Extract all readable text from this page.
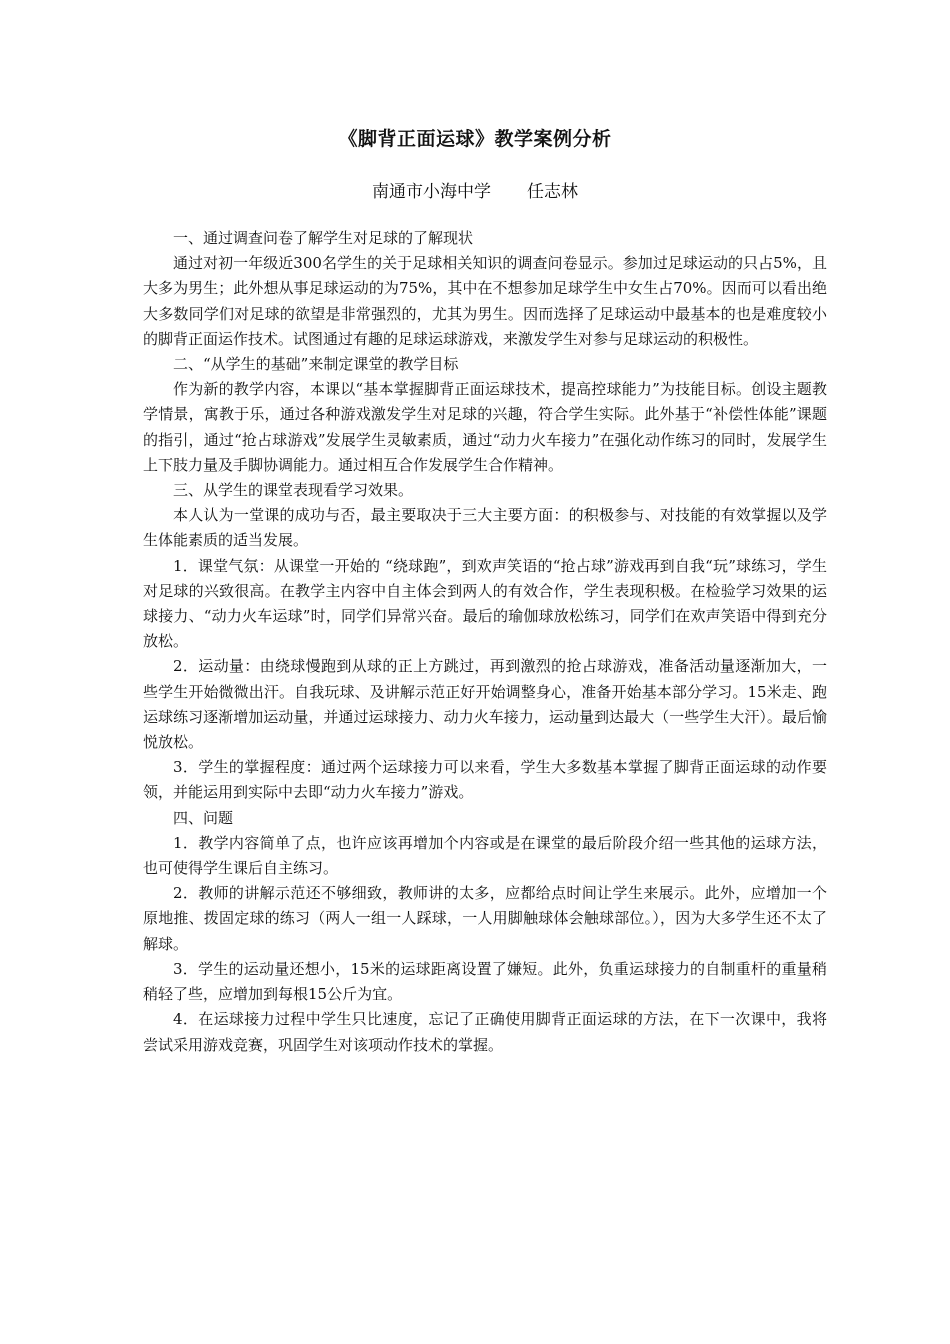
《脚背正面运球》教学案例分析
南通市小海中学 任志林

一、通过调查问卷了解学生对足球的了解现状

通过对初一年级近300名学生的关于足球相关知识的调查问卷显示。参加过足球运动的只占5%，且大多为男生；此外想从事足球运动的为75%，其中在不想参加足球学生中女生占70%。因而可以看出绝大多数同学们对足球的欲望是非常强烈的，尤其为男生。因而选择了足球运动中最基本的也是难度较小的脚背正面运作技术。试图通过有趣的足球运球游戏，来激发学生对参与足球运动的积极性。

二、“从学生的基础”来制定课堂的教学目标

作为新的教学内容，本课以“基本掌握脚背正面运球技术，提高控球能力”为技能目标。创设主题教学情景，寓教于乐，通过各种游戏激发学生对足球的兴趣，符合学生实际。此外基于“补偿性体能”课题的指引，通过“抢占球游戏”发展学生灵敏素质，通过“动力火车接力”在强化动作练习的同时，发展学生上下肢力量及手脚协调能力。通过相互合作发展学生合作精神。

三、从学生的课堂表现看学习效果。

本人认为一堂课的成功与否，最主要取决于三大主要方面：的积极参与、对技能的有效掌握以及学生体能素质的适当发展。

1．课堂气氛：从课堂一开始的 “绕球跑”，到欢声笑语的“抢占球”游戏再到自我“玩”球练习，学生对足球的兴致很高。在教学主内容中自主体会到两人的有效合作，学生表现积极。在检验学习效果的运球接力、“动力火车运球”时，同学们异常兴奋。最后的瑜伽球放松练习，同学们在欢声笑语中得到充分放松。

2．运动量：由绕球慢跑到从球的正上方跳过，再到激烈的抢占球游戏，准备活动量逐渐加大，一些学生开始微微出汗。自我玩球、及讲解示范正好开始调整身心，准备开始基本部分学习。15米走、跑运球练习逐渐增加运动量，并通过运球接力、动力火车接力，运动量到达最大（一些学生大汗）。最后愉悦放松。

3．学生的掌握程度：通过两个运球接力可以来看，学生大多数基本掌握了脚背正面运球的动作要领，并能运用到实际中去即“动力火车接力”游戏。

四、问题

1．教学内容简单了点，也许应该再增加个内容或是在课堂的最后阶段介绍一些其他的运球方法，也可使得学生课后自主练习。

2．教师的讲解示范还不够细致，教师讲的太多，应都给点时间让学生来展示。此外，应增加一个原地推、拨固定球的练习（两人一组一人踩球，一人用脚触球体会触球部位。），因为大多学生还不太了解球。

3．学生的运动量还想小，15米的运球距离设置了嫌短。此外，负重运球接力的自制重杆的重量稍稍轻了些，应增加到每根15公斤为宜。

4．在运球接力过程中学生只比速度，忘记了正确使用脚背正面运球的方法，在下一次课中，我将尝试采用游戏竞赛，巩固学生对该项动作技术的掌握。
